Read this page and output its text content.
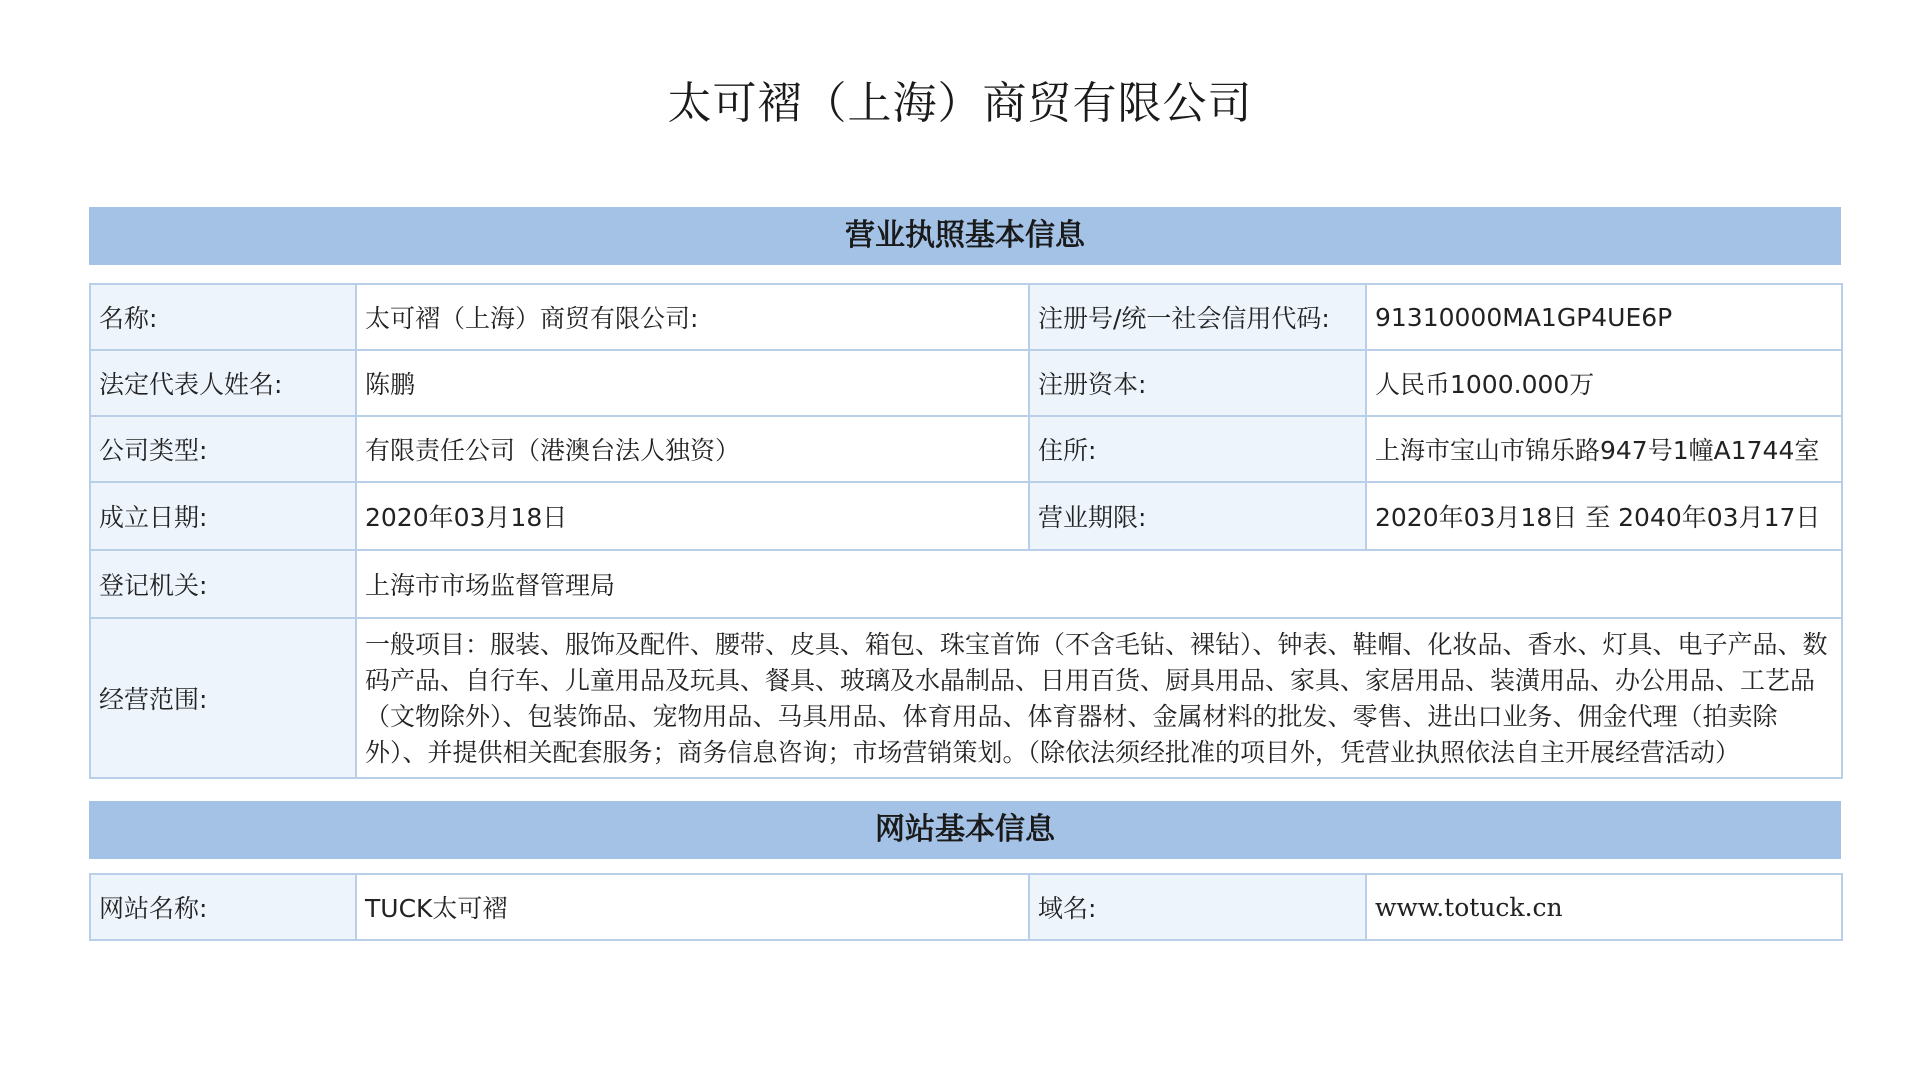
太可褶（上海）商贸有限公司
营业执照基本信息
名称:	太可褶（上海）商贸有限公司:	注册号/统一社会信用代码:	91310000MA1GP4UE6P
法定代表人姓名:	陈鹏	注册资本:	人民币1000.000万
公司类型:	有限责任公司（港澳台法人独资）	住所:	上海市宝山市锦乐路947号1幢A1744室
成立日期:	2020年03月18日	营业期限:	2020年03月18日 至 2040年03月17日
登记机关:	上海市市场监督管理局		
经营范围:	一般项目：服装、服饰及配件、腰带、皮具、箱包、珠宝首饰（不含毛钻、裸钻）、钟表、鞋帽、化妆品、香水、灯具、电子产品、数码产品、自行车、儿童用品及玩具、餐具、玻璃及水晶制品、日用百货、厨具用品、家具、家居用品、装潢用品、办公用品、工艺品（文物除外）、包装饰品、宠物用品、马具用品、体育用品、体育器材、金属材料的批发、零售、进出口业务、佣金代理（拍卖除外）、并提供相关配套服务；商务信息咨询；市场营销策划。（除依法须经批准的项目外，凭营业执照依法自主开展经营活动）		
网站基本信息
网站名称:	TUCK太可褶	域名:	www.totuck.cn
